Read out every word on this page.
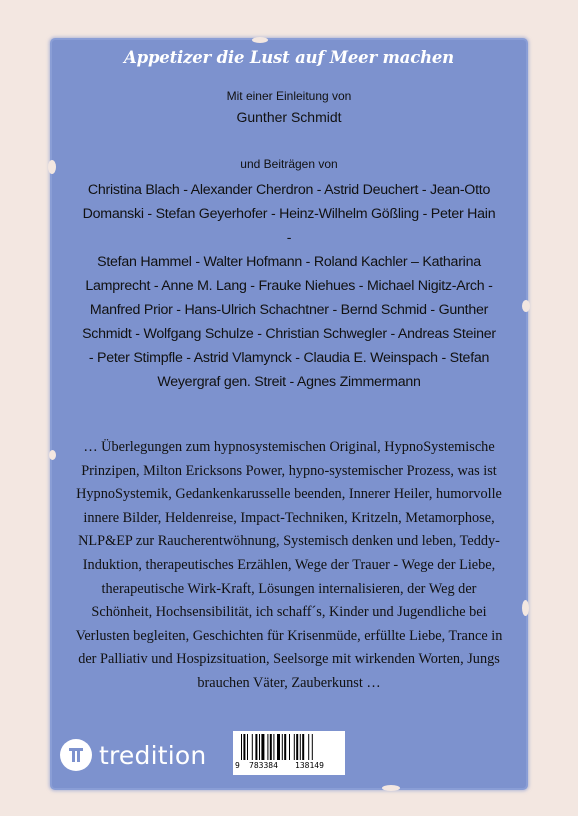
Appetizer die Lust auf Meer machen
Mit einer Einleitung von
Gunther Schmidt
und Beiträgen von
Christina Blach - Alexander Cherdron - Astrid Deuchert - Jean-Otto
Domanski - Stefan Geyerhofer - Heinz-Wilhelm Gößling - Peter Hain -
Stefan Hammel - Walter Hofmann - Roland Kachler – Katharina
Lamprecht - Anne M. Lang - Frauke Niehues - Michael Nigitz-Arch -
Manfred Prior - Hans-Ulrich Schachtner - Bernd Schmid - Gunther
Schmidt - Wolfgang Schulze - Christian Schwegler - Andreas Steiner
- Peter Stimpfle - Astrid Vlamynck - Claudia E. Weinspach - Stefan
Weyergraf gen. Streit - Agnes Zimmermann
… Überlegungen zum hypnosystemischen Original, HypnoSystemische
Prinzipen, Milton Ericksons Power, hypno-systemischer Prozess, was ist
HypnoSystemik, Gedankenkarusselle beenden, Innerer Heiler, humorvolle
innere Bilder, Heldenreise, Impact-Techniken, Kritzeln, Metamorphose,
NLP&EP zur Raucherentwöhnung, Systemisch denken und leben, Teddy-
Induktion, therapeutisches Erzählen, Wege der Trauer - Wege der Liebe,
therapeutische Wirk-Kraft, Lösungen internalisieren, der Weg der
Schönheit, Hochsensibilität, ich schaff´s, Kinder und Jugendliche bei
Verlusten begleiten, Geschichten für Krisenmüde, erfüllte Liebe, Trance in
der Palliativ und Hospizsituation, Seelsorge mit wirkenden Worten, Jungs
brauchen Väter, Zauberkunst …
tredition	9 783384 138149
